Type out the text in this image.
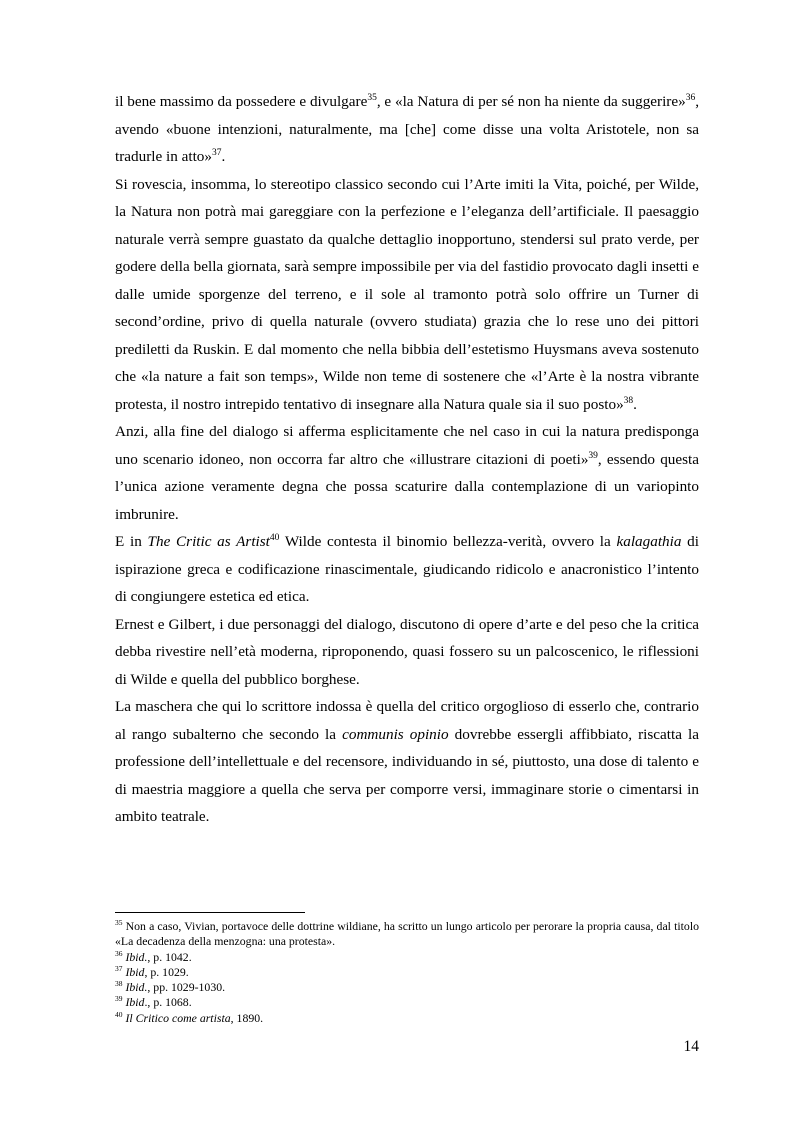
il bene massimo da possedere e divulgare$^{35}$, e «la Natura di per sé non ha niente da suggerire»$^{36}$, avendo «buone intenzioni, naturalmente, ma [che] come disse una volta Aristotele, non sa tradurle in atto»$^{37}$.

Si rovescia, insomma, lo stereotipo classico secondo cui l’Arte imiti la Vita, poiché, per Wilde, la Natura non potrà mai gareggiare con la perfezione e l’eleganza dell’artificiale. Il paesaggio naturale verrà sempre guastato da qualche dettaglio inopportuno, stendersi sul prato verde, per godere della bella giornata, sarà sempre impossibile per via del fastidio provocato dagli insetti e dalle umide sporgenze del terreno, e il sole al tramonto potrà solo offrire un Turner di second’ordine, privo di quella naturale (ovvero studiata) grazia che lo rese uno dei pittori prediletti da Ruskin. E dal momento che nella bibbia dell’estetismo Huysmans aveva sostenuto che «la nature a fait son temps», Wilde non teme di sostenere che «l’Arte è la nostra vibrante protesta, il nostro intrepido tentativo di insegnare alla Natura quale sia il suo posto»$^{38}$.

Anzi, alla fine del dialogo si afferma esplicitamente che nel caso in cui la natura predisponga uno scenario idoneo, non occorra far altro che «illustrare citazioni di poeti»$^{39}$, essendo questa l’unica azione veramente degna che possa scaturire dalla contemplazione di un variopinto imbrunire.

E in The Critic as Artist$^{40}$ Wilde contesta il binomio bellezza-verità, ovvero la kalagathia di ispirazione greca e codificazione rinascimentale, giudicando ridicolo e anacronistico l’intento di congiungere estetica ed etica.

Ernest e Gilbert, i due personaggi del dialogo, discutono di opere d’arte e del peso che la critica debba rivestire nell’età moderna, riproponendo, quasi fossero su un palcoscenico, le riflessioni di Wilde e quella del pubblico borghese.

La maschera che qui lo scrittore indossa è quella del critico orgoglioso di esserlo che, contrario al rango subalterno che secondo la communis opinio dovrebbe essergli affibbiato, riscatta la professione dell’intellettuale e del recensore, individuando in sé, piuttosto, una dose di talento e di maestria maggiore a quella che serva per comporre versi, immaginare storie o cimentarsi in ambito teatrale.

$^{35}$ Non a caso, Vivian, portavoce delle dottrine wildiane, ha scritto un lungo articolo per perorare la propria causa, dal titolo «La decadenza della menzogna: una protesta».

$^{36}$ Ibid., p. 1042.

$^{37}$ Ibid, p. 1029.

$^{38}$ Ibid., pp. 1029-1030.

$^{39}$ Ibid., p. 1068.

$^{40}$ Il Critico come artista, 1890.

14
